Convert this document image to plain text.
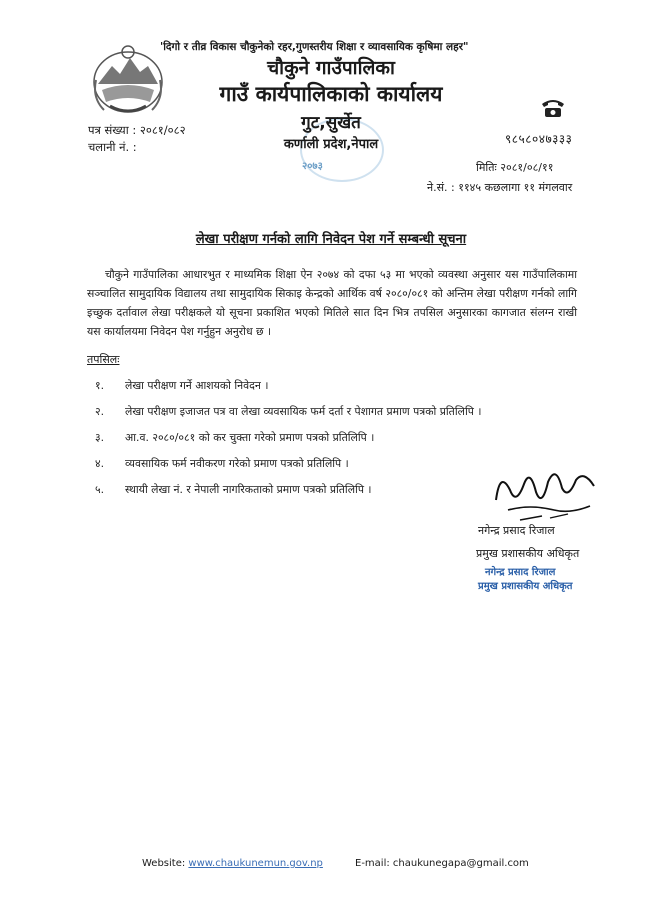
'दिगो र तीव्र विकास चौकुनेको रहर,गुणस्तरीय शिक्षा र व्यावसायिक कृषिमा लहर"
चौकुने गाउँपालिका
गाउँ कार्यपालिकाको कार्यालय
गुट,सुर्खेत
कर्णाली प्रदेश,नेपाल
२०७३
पत्र संख्या : २०८१/०८२
चलानी नं. :
९८५८०४७३३३
मितिः २०८१/०८/११
ने.सं. : ११४५ कछलागा ११ मंगलवार
लेखा परीक्षण गर्नको लागि निवेदन पेश गर्ने सम्बन्धी सूचना
चौकुने गाउँपालिका आधारभुत र माध्यमिक शिक्षा ऐन २०७४ को दफा ५३ मा भएको व्यवस्था अनुसार यस गाउँपालिकामा सञ्चालित सामुदायिक विद्यालय तथा सामुदायिक सिकाइ केन्द्रको आर्थिक वर्ष २०८०/०८१ को अन्तिम लेखा परीक्षण गर्नको लागि इच्छुक दर्तावाल लेखा परीक्षकले यो सूचना प्रकाशित भएको मितिले सात दिन भित्र तपसिल अनुसारका कागजात संलग्न राखी यस कार्यालयमा निवेदन पेश गर्नुहुन अनुरोध छ ।
तपसिलः
१. लेखा परीक्षण गर्ने आशयको निवेदन ।
२. लेखा परीक्षण इजाजत पत्र वा लेखा व्यवसायिक फर्म दर्ता र पेशागत प्रमाण पत्रको प्रतिलिपि ।
३. आ.व. २०८०/०८१ को कर चुक्ता गरेको प्रमाण पत्रको प्रतिलिपि ।
४. व्यवसायिक फर्म नवीकरण गरेको प्रमाण पत्रको प्रतिलिपि ।
५. स्थायी लेखा नं. र नेपाली नागरिकताको प्रमाण पत्रको प्रतिलिपि ।
नगेन्द्र प्रसाद रिजाल
प्रमुख प्रशासकीय अधिकृत
नगेन्द्र प्रसाद रिजाल
प्रमुख प्रशासकीय अधिकृत
Website: www.chaukunemun.gov.np	E-mail: chaukunegapa@gmail.com
